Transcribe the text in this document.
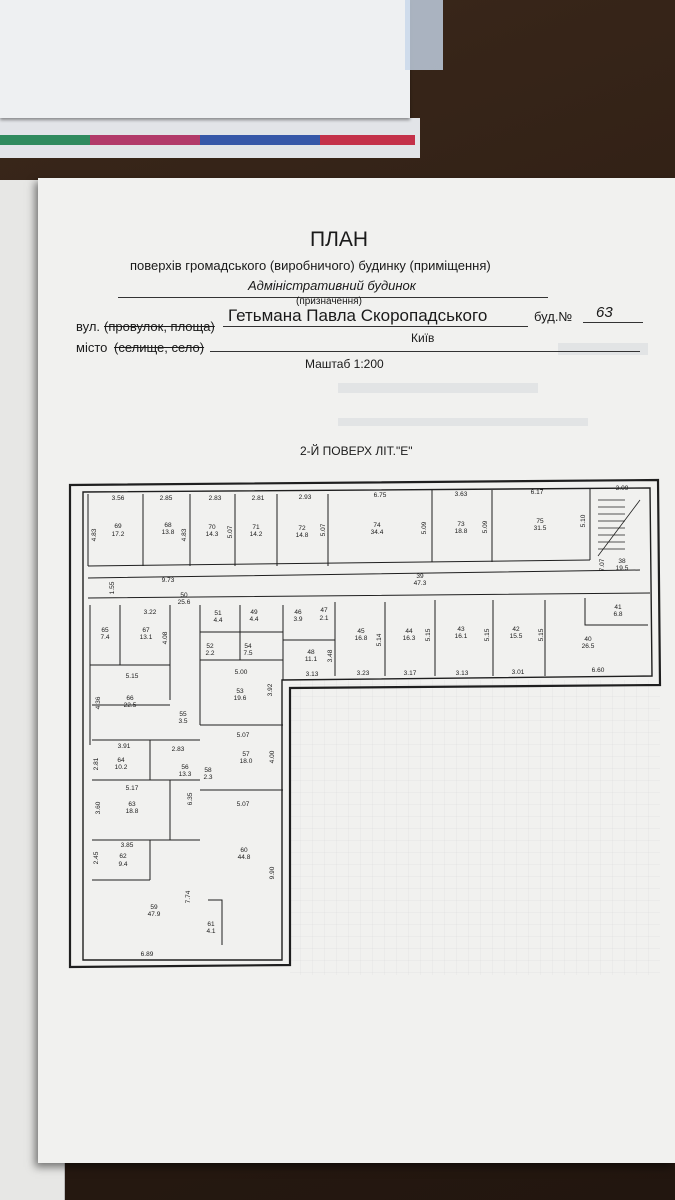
ПЛАН
поверхів громадського (виробничого) будинку (приміщення)
Адміністративний будинок
(призначення)
вул. (провулок, площа)
Гетьмана Павла Скоропадського	буд.№ 63
місто (селище, село)
Київ
Маштаб 1:200
2-Й ПОВЕРХ ЛІТ."Е"
69
17.2
68
13.8
70
14.3
71
14.2
72
14.8
74
34.4
73
18.8
75
31.5
38
19.5
39
47.3
50
25.6
65
7.4
67
13.1
51
4.4
49
4.4
46
3.9
47
2.1
48
11.1
45
16.8
44
16.3
43
16.1
42
15.5
41
6.8
40
26.5
52
2.2
54
7.5
66
22.5
55
3.5
53
19.6
64
10.2	56
13.3
58
2.3
57
18.0
63
18.8
62
9.4
60
44.8
59
47.9
61
4.1
3.56	2.85	2.83	2.81	2.93	6.75	3.63	6.17
3.09
4.83	4.83	5.07	5.07	5.09	5.09	5.10
7.07
1.55
9.73
3.22
4.08	5.14	5.15	5.15	5.15
3.48
3.13	3.23	3.17	3.13	3.01	6.60
5.15
5.00
4.36
3.92
5.07
3.91	2.83
2.81
4.00
5.17
3.60
6.35	5.07
3.85
2.45
9.90
7.74
6.89
